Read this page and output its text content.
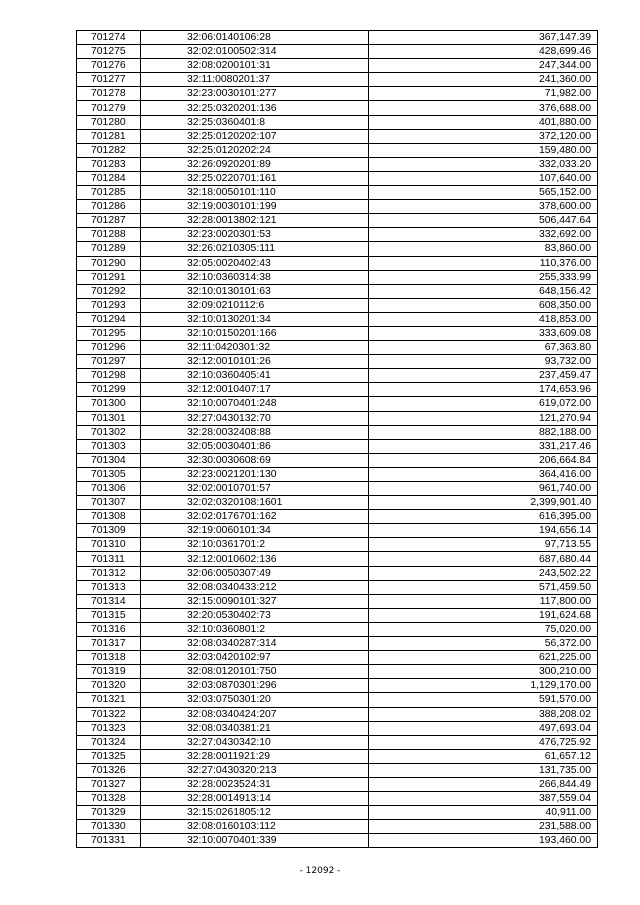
701274	32:06:0140106:28	367,147.39
701275	32:02:0100502:314	428,699.46
701276	32:08:0200101:31	247,344.00
701277	32:11:0080201:37	241,360.00
701278	32:23:0030101:277	71,982.00
701279	32:25:0320201:136	376,688.00
701280	32:25:0360401:8	401,880.00
701281	32:25:0120202:107	372,120.00
701282	32:25:0120202:24	159,480.00
701283	32:26:0920201:89	332,033.20
701284	32:25:0220701:161	107,640.00
701285	32:18:0050101:110	565,152.00
701286	32:19:0030101:199	378,600.00
701287	32:28:0013802:121	506,447.64
701288	32:23:0020301:53	332,692.00
701289	32:26:0210305:111	83,860.00
701290	32:05:0020402:43	110,376.00
701291	32:10:0360314:38	255,333.99
701292	32:10:0130101:63	648,156.42
701293	32:09:0210112:6	608,350.00
701294	32:10:0130201:34	418,853.00
701295	32:10:0150201:166	333,609.08
701296	32:11:0420301:32	67,363.80
701297	32:12:0010101:26	93,732.00
701298	32:10:0360405:41	237,459.47
701299	32:12:0010407:17	174,653.96
701300	32:10:0070401:248	619,072.00
701301	32:27:0430132:70	121,270.94
701302	32:28:0032408:88	882,188.00
701303	32:05:0030401:86	331,217.46
701304	32:30:0030608:69	206,664.84
701305	32:23:0021201:130	364,416.00
701306	32:02:0010701:57	961,740.00
701307	32:02:0320108:1601	2,399,901.40
701308	32:02:0176701:162	616,395.00
701309	32:19:0060101:34	194,656.14
701310	32:10:0361701:2	97,713.55
701311	32:12:0010602:136	687,680.44
701312	32:06:0050307:49	243,502.22
701313	32:08:0340433:212	571,459.50
701314	32:15:0090101:327	117,800.00
701315	32:20:0530402:73	191,624.68
701316	32:10:0360801:2	75,020.00
701317	32:08:0340287:314	56,372.00
701318	32:03:0420102:97	621,225.00
701319	32:08:0120101:750	300,210.00
701320	32:03:0870301:296	1,129,170.00
701321	32:03:0750301:20	591,570.00
701322	32:08:0340424:207	388,208.02
701323	32:08:0340381:21	497,693.04
701324	32:27:0430342:10	476,725.92
701325	32:28:0011921:29	61,657.12
701326	32:27:0430320:213	131,735.00
701327	32:28:0023524:31	266,844.49
701328	32:28:0014913:14	387,559.04
701329	32:15:0261805:12	40,911.00
701330	32:08:0160103:112	231,588.00
701331	32:10:0070401:339	193,460.00
- 12092 -
